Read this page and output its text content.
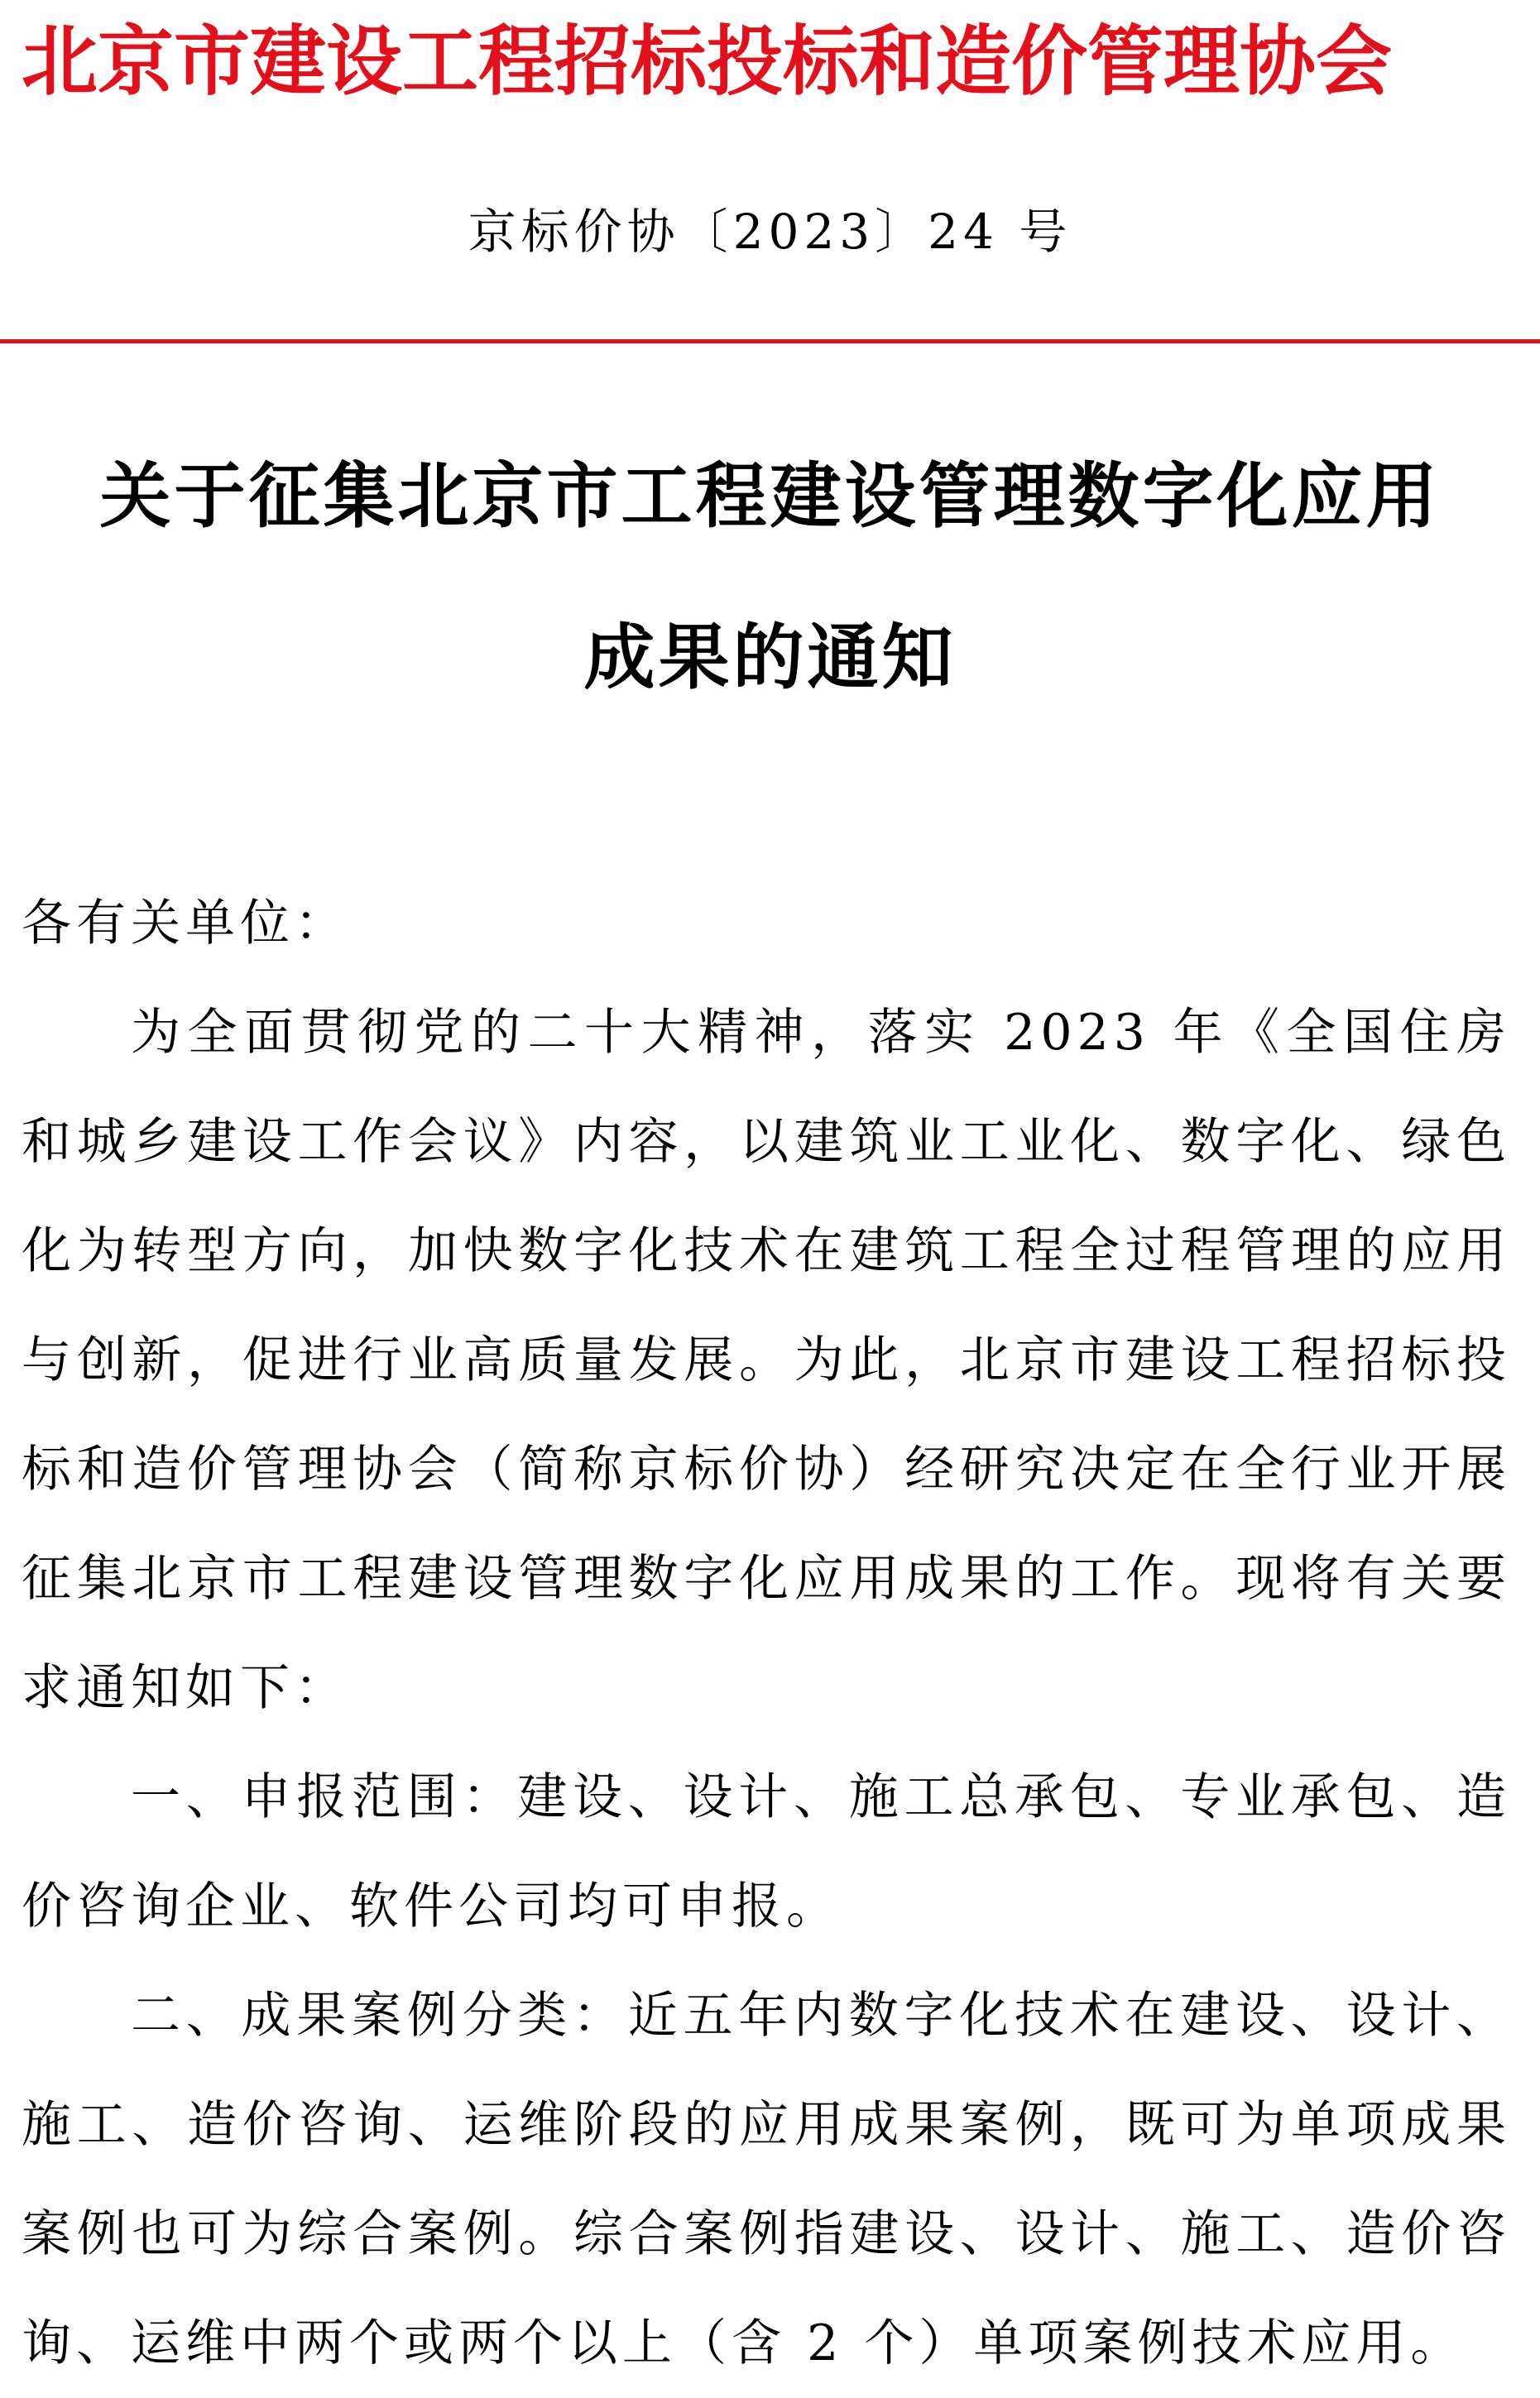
北京市建设工程招标投标和造价管理协会
京标价协〔2023〕24 号
关于征集北京市工程建设管理数字化应用
成果的通知

各有关单位：

为全面贯彻党的二十大精神，落实 2023 年《全国住房和城乡建设工作会议》内容，以建筑业工业化、数字化、绿色化为转型方向，加快数字化技术在建筑工程全过程管理的应用与创新，促进行业高质量发展。为此，北京市建设工程招标投标和造价管理协会（简称京标价协）经研究决定在全行业开展征集北京市工程建设管理数字化应用成果的工作。现将有关要求通知如下：

一、申报范围：建设、设计、施工总承包、专业承包、造价咨询企业、软件公司均可申报。

二、成果案例分类：近五年内数字化技术在建设、设计、施工、造价咨询、运维阶段的应用成果案例，既可为单项成果案例也可为综合案例。综合案例指建设、设计、施工、造价咨询、运维中两个或两个以上（含 2 个）单项案例技术应用。
